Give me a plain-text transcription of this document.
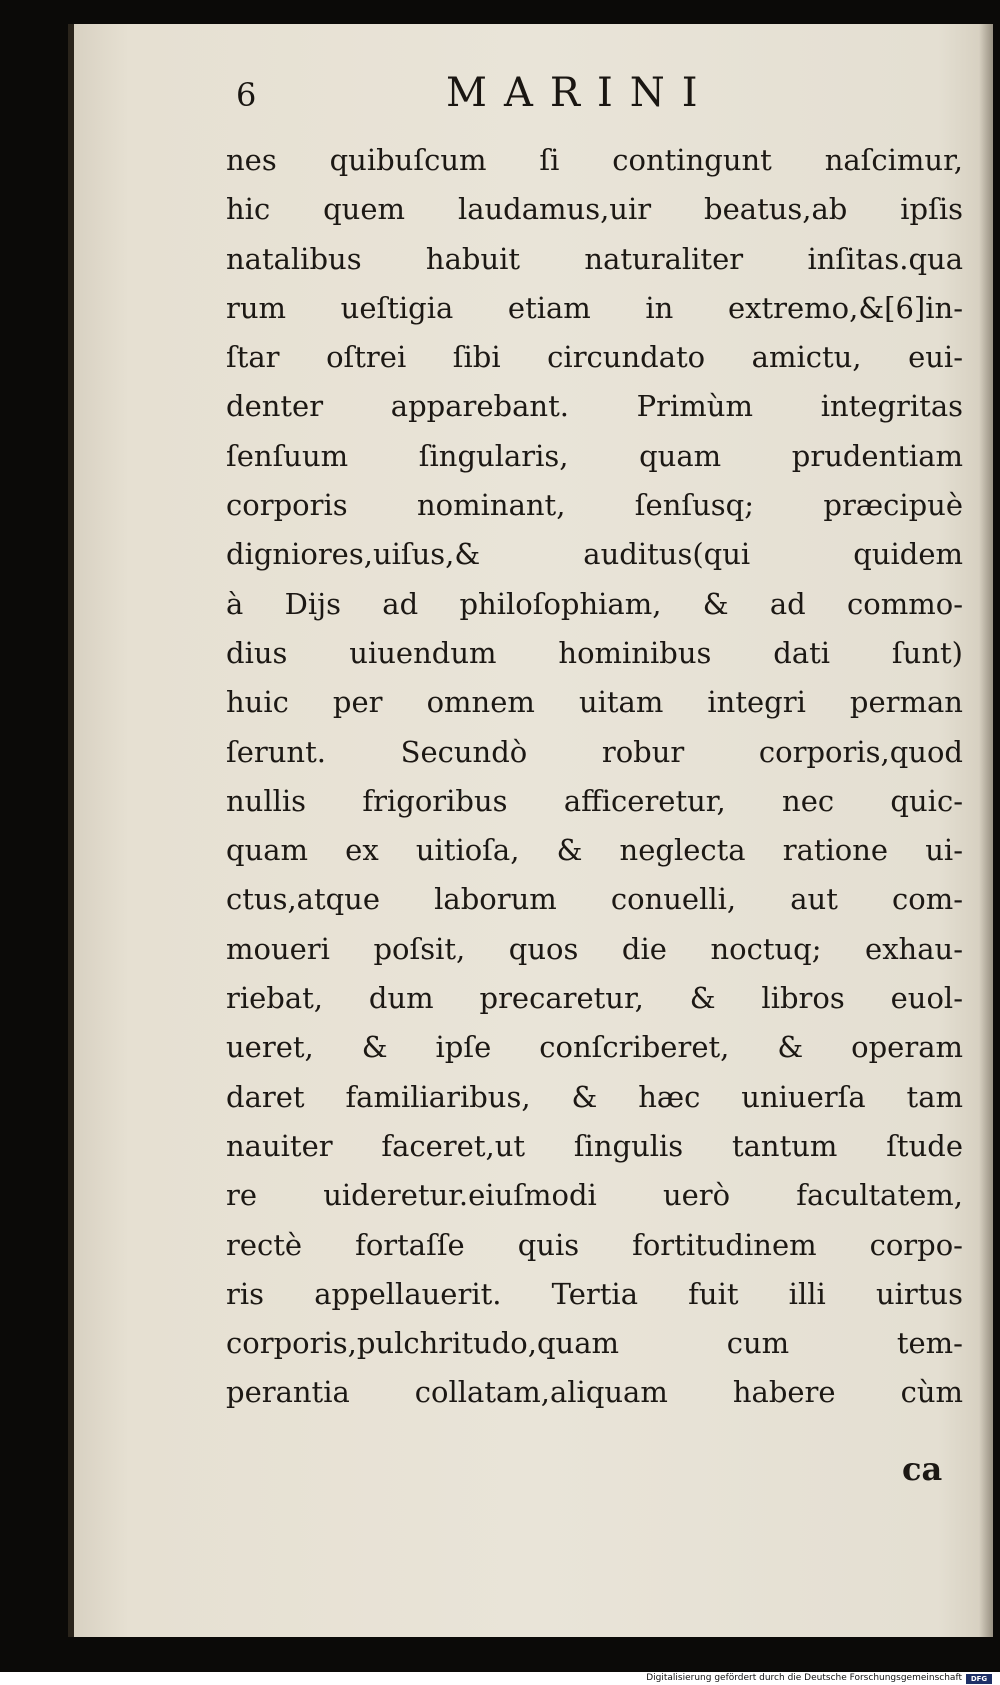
6	MARINI
nes quibuſcum ſi contingunt naſcimur,
hic quem laudamus,uir beatus,ab ipſis
natalibus habuit naturaliter inſitas.qua
rum ueſtigia etiam in extremo,&[6]in-
ſtar oſtrei ſibi circundato amictu, eui-
denter apparebant. Primùm integritas
ſenſuum ſingularis, quam prudentiam
corporis nominant, ſenſusq; præcipuè
digniores,uiſus,& auditus(qui quidem
à Dijs ad philoſophiam, & ad commo-
dius uiuendum hominibus dati ſunt)
huic per omnem uitam integri perman
ſerunt. Secundò robur corporis,quod
nullis frigoribus afficeretur, nec quic-
quam ex uitioſa, & neglecta ratione ui-
ctus,atque laborum conuelli, aut com-
moueri poſsit, quos die noctuq; exhau-
riebat, dum precaretur, & libros euol-
ueret, & ipſe conſcriberet, & operam
daret familiaribus, & hæc uniuerſa tam
nauiter faceret,ut ſingulis tantum ſtude
re uideretur.eiuſmodi uerò facultatem,
rectè fortaſſe quis fortitudinem corpo-
ris appellauerit. Tertia fuit illi uirtus
corporis,pulchritudo,quam cum tem-
perantia collatam,aliquam habere cùm
ca
Digitalisierung gefördert durch die Deutsche Forschungsgemeinschaft	DFG
